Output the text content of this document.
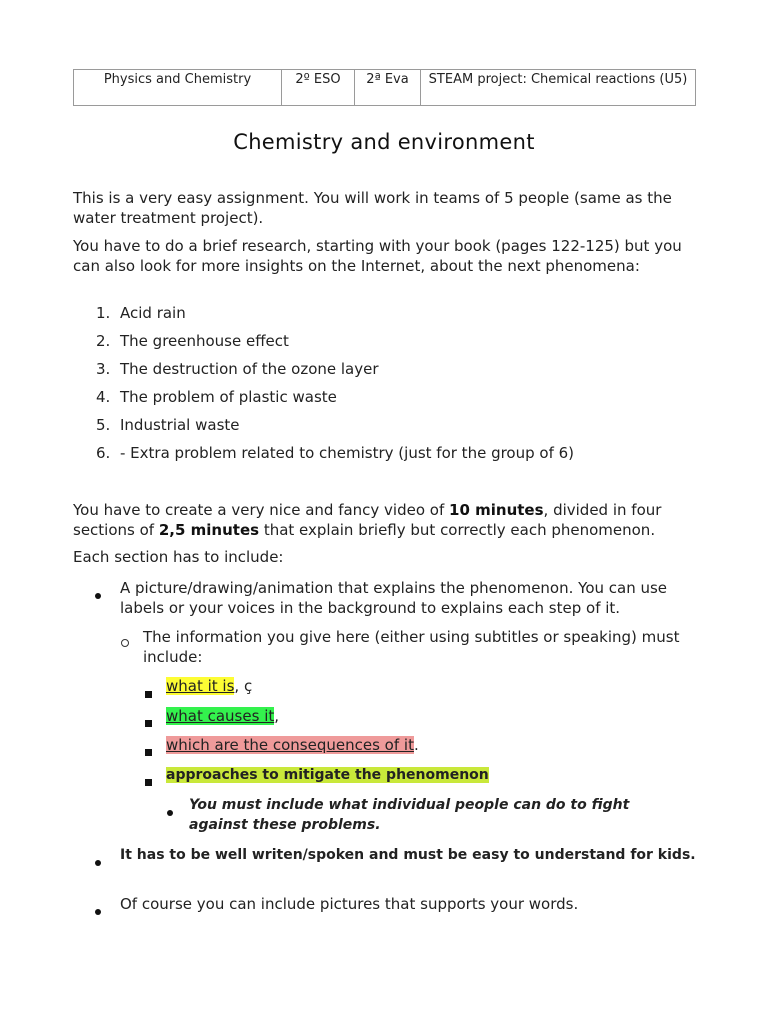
Physics and Chemistry	2º ESO	2ª Eva	STEAM project: Chemical reactions (U5)
Chemistry and environment
This is a very easy assignment. You will work in teams of 5 people (same as the water treatment project).
You have to do a brief research, starting with your book (pages 122-125) but you can also look for more insights on the Internet, about the next phenomena:
1. Acid rain
2. The greenhouse effect
3. The destruction of the ozone layer
4. The problem of plastic waste
5. Industrial waste
6. - Extra problem related to chemistry (just for the group of 6)
You have to create a very nice and fancy video of 10 minutes, divided in four sections of 2,5 minutes that explain briefly but correctly each phenomenon.
Each section has to include:
A picture/drawing/animation that explains the phenomenon. You can use labels or your voices in the background to explains each step of it.
The information you give here (either using subtitles or speaking) must include:
what it is, ç
what causes it,
which are the consequences of it.
approaches to mitigate the phenomenon
You must include what individual people can do to fight against these problems.
It has to be well writen/spoken and must be easy to understand for kids.
Of course you can include pictures that supports your words.
